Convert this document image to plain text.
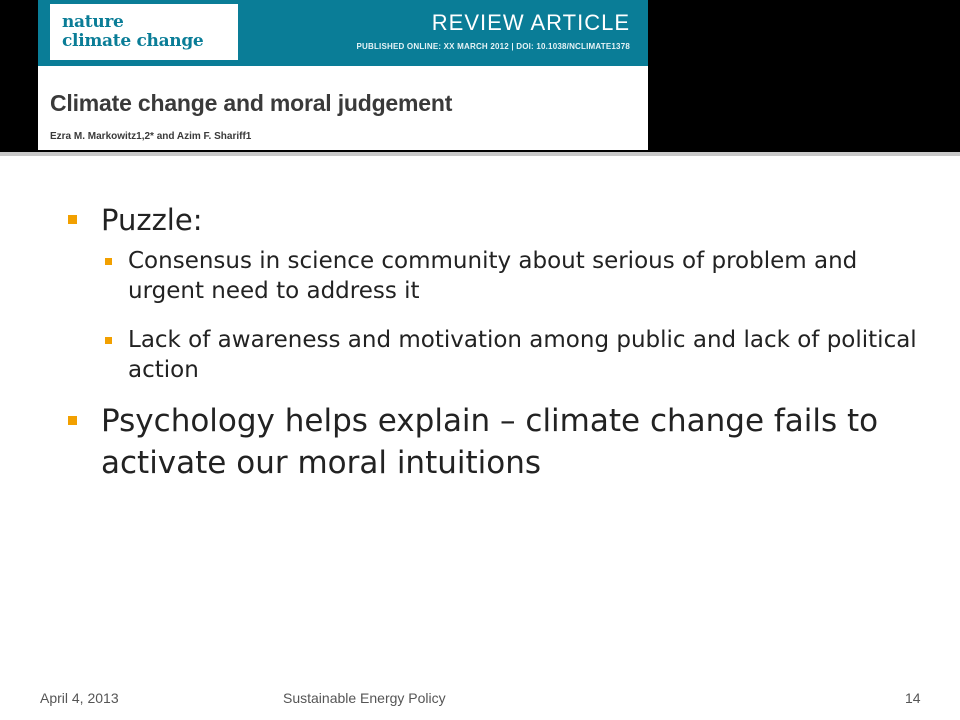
nature
climate change
REVIEW ARTICLE
PUBLISHED ONLINE: XX MARCH 2012 | DOI: 10.1038/NCLIMATE1378
Climate change and moral judgement
Ezra M. Markowitz1,2* and Azim F. Shariff1
Puzzle:
Consensus in science community about serious of problem and urgent need to address it
Lack of awareness and motivation among public and lack of political action
Psychology helps explain – climate change fails to activate our moral intuitions
April 4, 2013	Sustainable Energy Policy	14
